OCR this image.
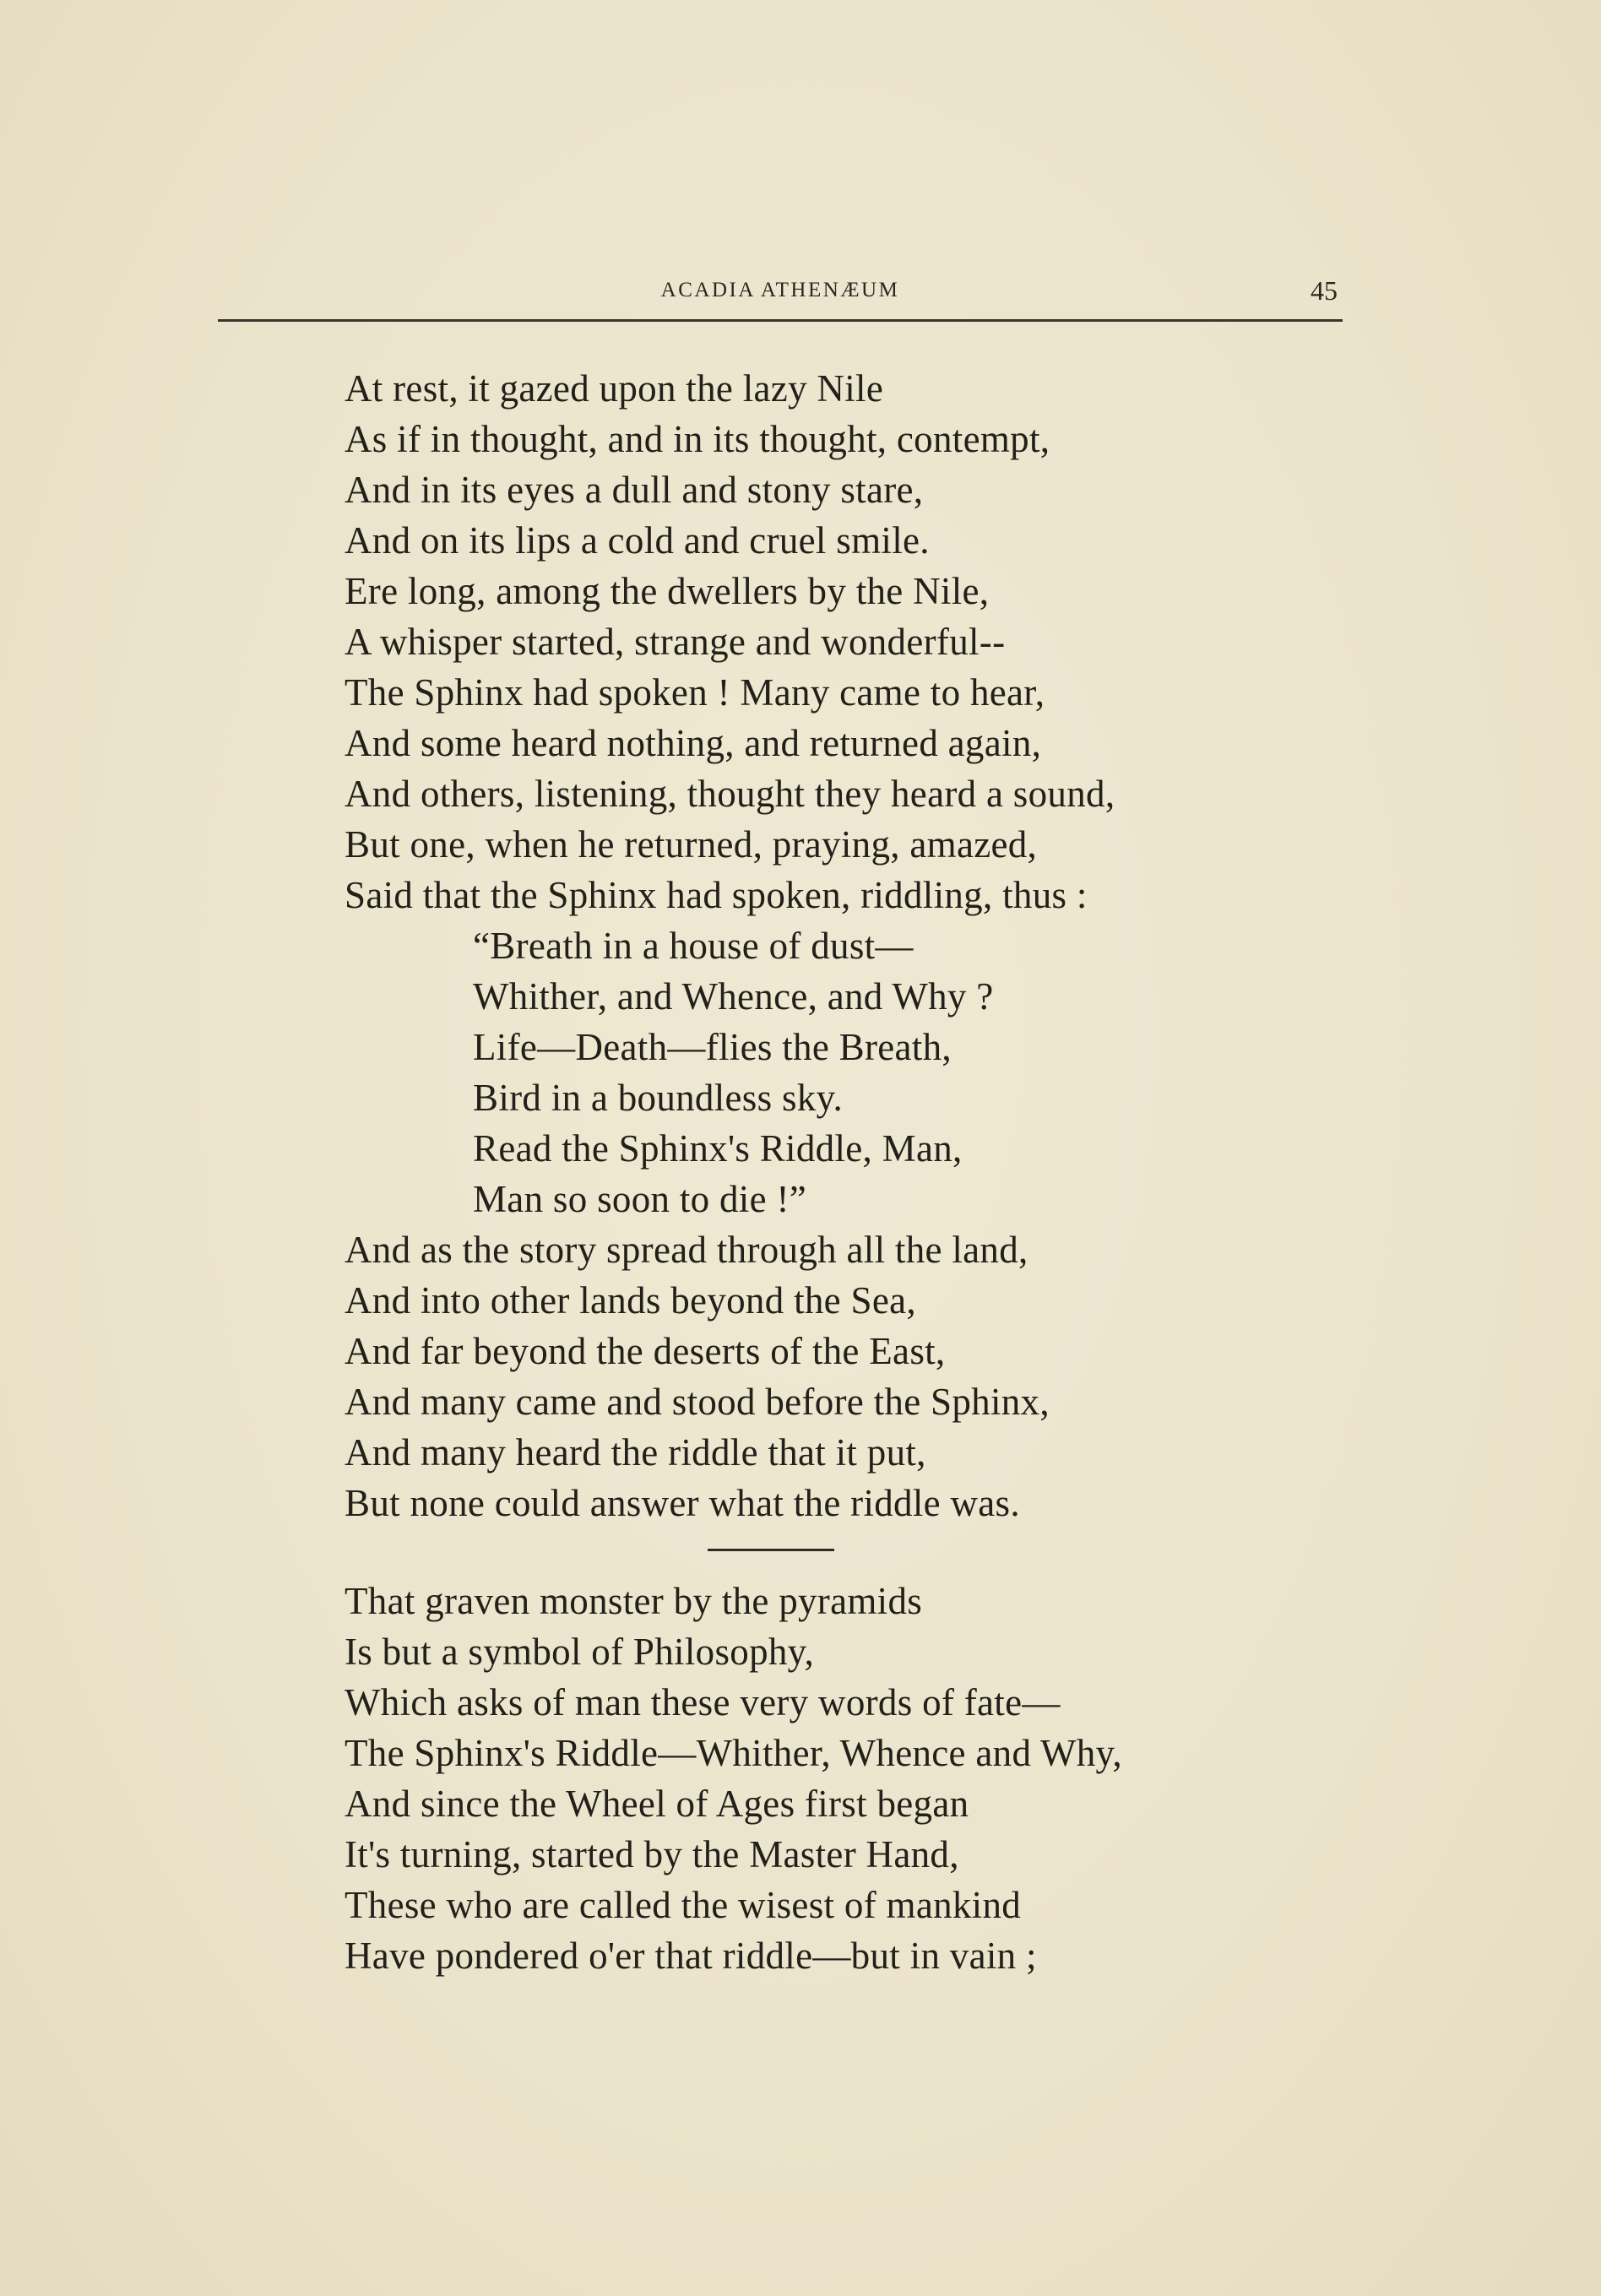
ACADIA ATHENÆUM	45
At rest, it gazed upon the lazy Nile
As if in thought, and in its thought, contempt,
And in its eyes a dull and stony stare,
And on its lips a cold and cruel smile.
Ere long, among the dwellers by the Nile,
A whisper started, strange and wonderful--
The Sphinx had spoken ! Many came to hear,
And some heard nothing, and returned again,
And others, listening, thought they heard a sound,
But one, when he returned, praying, amazed,
Said that the Sphinx had spoken, riddling, thus :
“Breath in a house of dust—
Whither, and Whence, and Why ?
Life—Death—flies the Breath,
Bird in a boundless sky.
Read the Sphinx's Riddle, Man,
Man so soon to die !”
And as the story spread through all the land,
And into other lands beyond the Sea,
And far beyond the deserts of the East,
And many came and stood before the Sphinx,
And many heard the riddle that it put,
But none could answer what the riddle was.
That graven monster by the pyramids
Is but a symbol of Philosophy,
Which asks of man these very words of fate—
The Sphinx's Riddle—Whither, Whence and Why,
And since the Wheel of Ages first began
It's turning, started by the Master Hand,
These who are called the wisest of mankind
Have pondered o'er that riddle—but in vain ;
